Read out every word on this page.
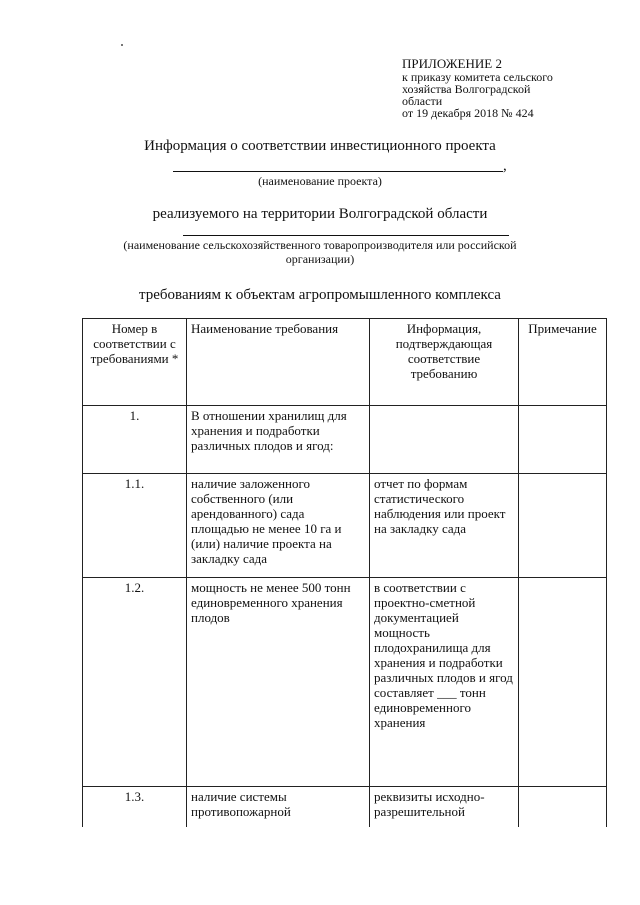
ПРИЛОЖЕНИЕ 2
к приказу комитета сельского
хозяйства Волгоградской
области
от 19 декабря 2018 № 424
Информация о соответствии инвестиционного проекта
,
(наименование проекта)
реализуемого на территории Волгоградской области
(наименование сельскохозяйственного товаропроизводителя или российской
организации)
требованиям к объектам агропромышленного комплекса
Номер в соответствии с требованиями *	Наименование требования	Информация, подтверждающая соответствие требованию	Примечание
1.	В отношении хранилищ для хранения и подработки различных плодов и ягод:		
1.1.	наличие заложенного собственного (или арендованного) сада площадью не менее 10 га и (или) наличие проекта на закладку сада	отчет по формам статистического наблюдения или проект на закладку сада	
1.2.	мощность не менее 500 тонн единовременного хранения плодов	в соответствии с проектно-сметной документацией мощность плодохранилища для хранения и подработки различных плодов и ягод составляет ___ тонн единовременного хранения	
1.3.	наличие системы противопожарной	реквизиты исходно-разрешительной	
